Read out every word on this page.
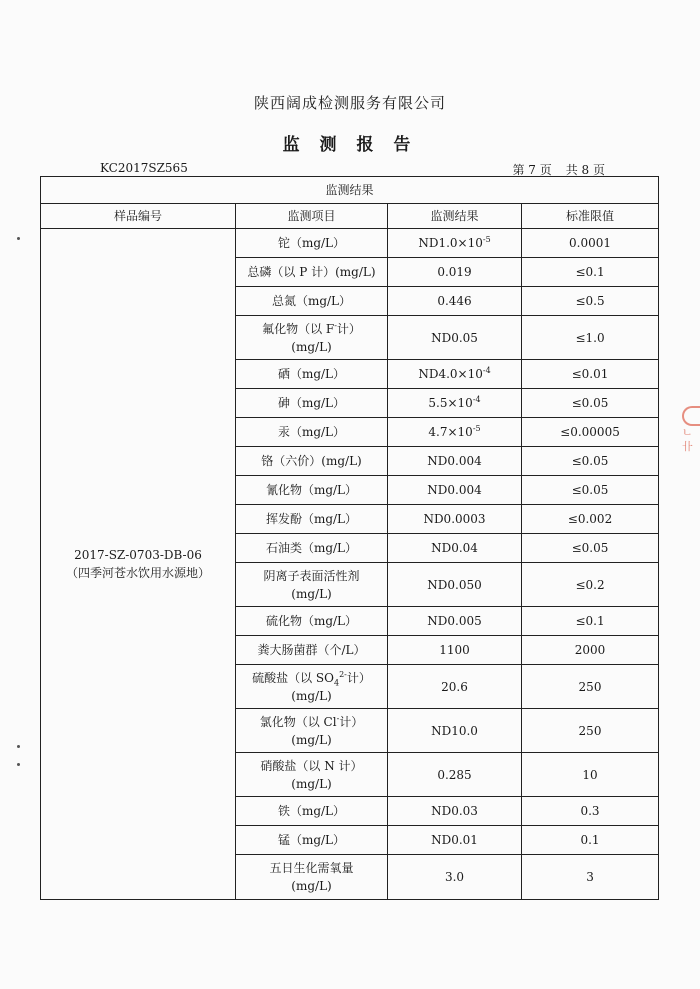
陕西阔成检测服务有限公司
监 测 报 告
KC2017SZ565	第 7 页 共 8 页
监测结果			
样品编号	监测项目	监测结果	标准限值

2017-SZ-0703-DB-06
（四季河苍水饮用水源地）	铊（mg/L）	$ND1.0\times 10^{-5}$	0.0001
	总磷（以 P 计）(mg/L)	0.019	≤0.1
	总氮（mg/L）	0.446	≤0.5
	氟化物（以 F-计）
(mg/L)	ND0.05	≤1.0
	硒（mg/L）	$ND4.0\times 10^{-4}$	≤0.01
	砷（mg/L）	$5.5\times 10^{-4}$	≤0.05
	汞（mg/L）	$4.7\times 10^{-5}$	≤0.00005
	铬（六价）(mg/L)	ND0.004	≤0.05
	氰化物（mg/L）	ND0.004	≤0.05
	挥发酚（mg/L）	ND0.0003	≤0.002
	石油类（mg/L）	ND0.04	≤0.05
	阴离子表面活性剂
(mg/L)	ND0.050	≤0.2
	硫化物（mg/L）	ND0.005	≤0.1
	粪大肠菌群（个/L）	1100	2000
	硫酸盐（以 $SO_4^{2-}$计）
(mg/L)	20.6	250
	氯化物（以 Cl-计）
(mg/L)	ND10.0	250
	硝酸盐（以 N 计）
(mg/L)	0.285	10
	铁（mg/L）	ND0.03	0.3
	锰（mg/L）	ND0.01	0.1
	五日生化需氧量
(mg/L)	3.0	3
ㄴ 卝
